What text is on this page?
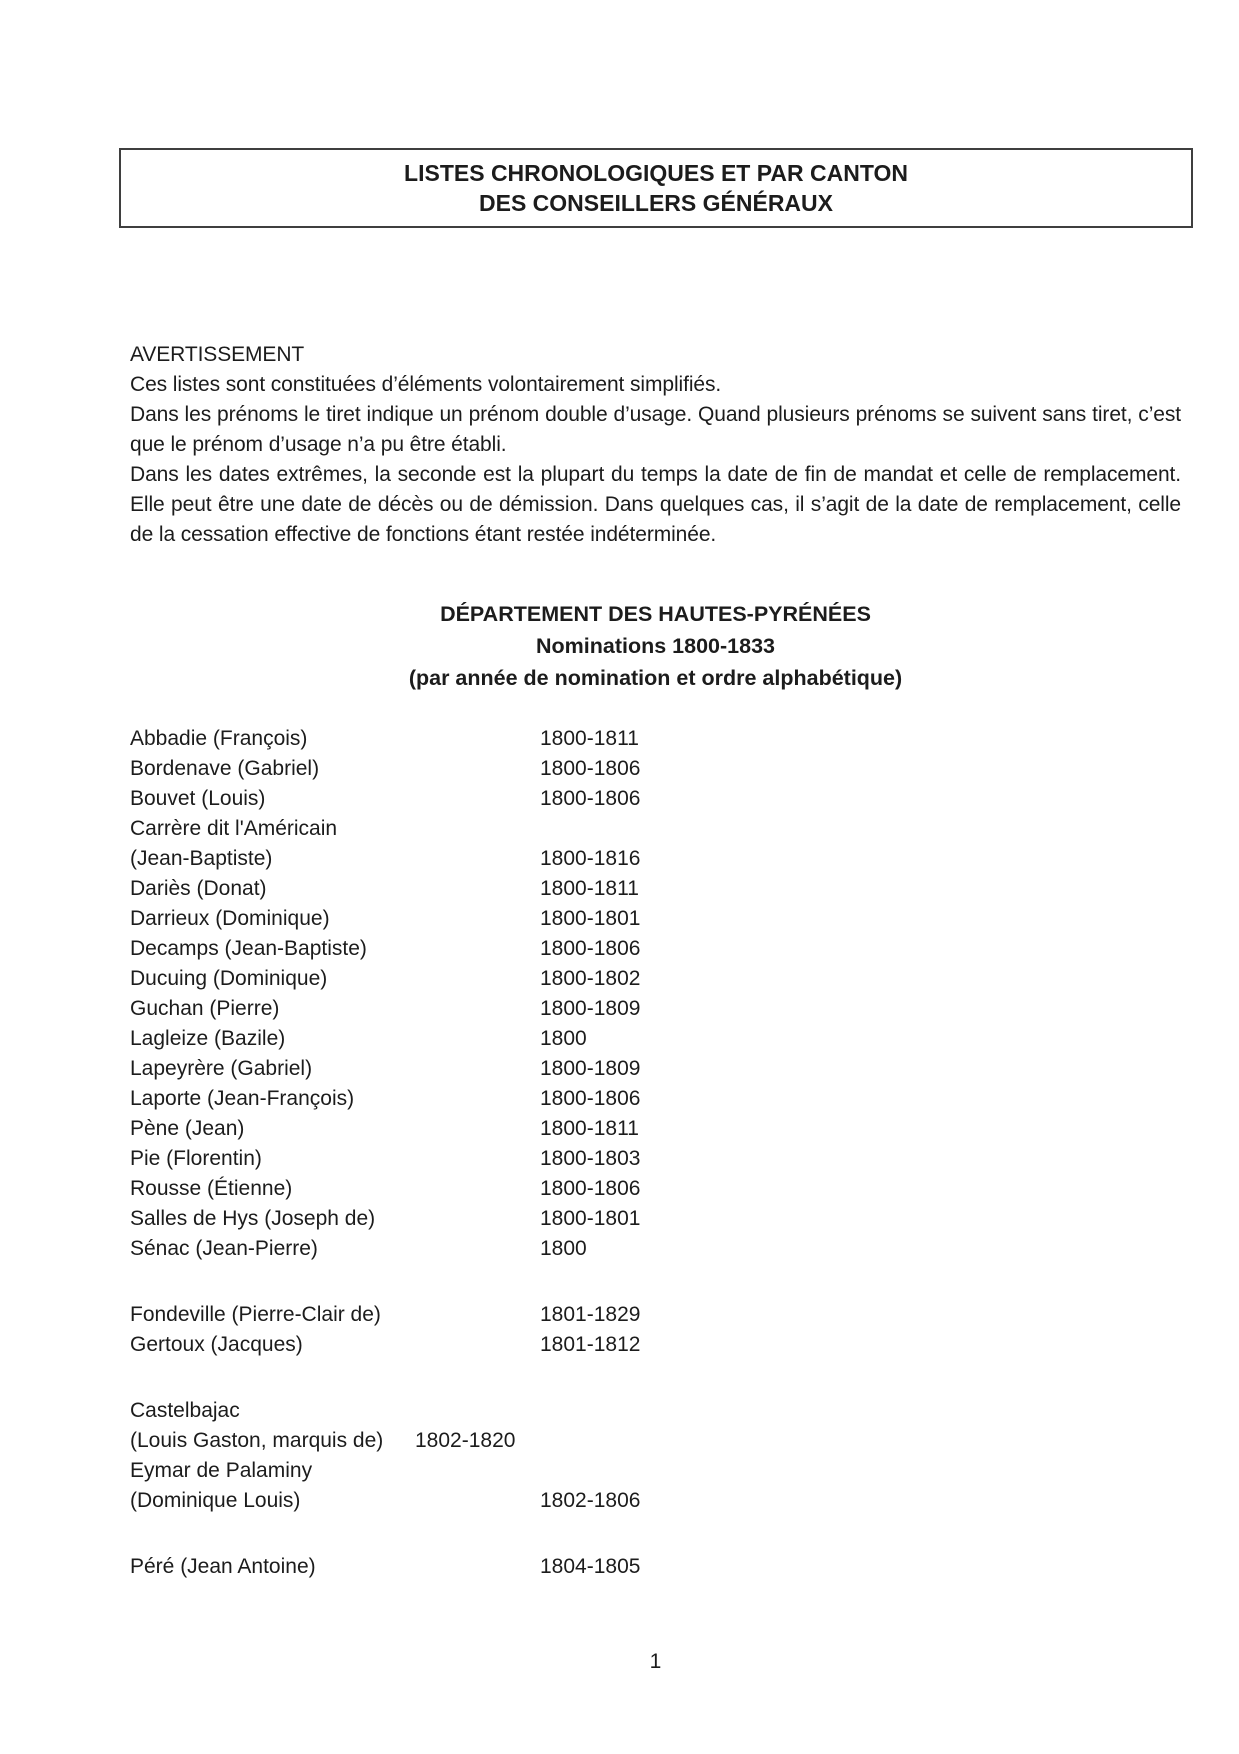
LISTES CHRONOLOGIQUES ET PAR CANTON
DES CONSEILLERS GÉNÉRAUX

AVERTISSEMENT

Ces listes sont constituées d’éléments volontairement simplifiés.

Dans les prénoms le tiret indique un prénom double d’usage. Quand plusieurs prénoms se suivent sans tiret, c’est que le prénom d’usage n’a pu être établi.

Dans les dates extrêmes, la seconde est la plupart du temps la date de fin de mandat et celle de remplacement. Elle peut être une date de décès ou de démission. Dans quelques cas, il s’agit de la date de remplacement, celle de la cessation effective de fonctions étant restée indéterminée.

DÉPARTEMENT DES HAUTES-PYRÉNÉES
Nominations 1800-1833
(par année de nomination et ordre alphabétique)
Abbadie (François)	1800-1811
Bordenave (Gabriel)	1800-1806
Bouvet (Louis)	1800-1806
Carrère dit l'Américain
(Jean-Baptiste)	1800-1816
Dariès (Donat)	1800-1811
Darrieux (Dominique)	1800-1801
Decamps (Jean-Baptiste)	1800-1806
Ducuing (Dominique)	1800-1802
Guchan (Pierre)	1800-1809
Lagleize (Bazile)	1800
Lapeyrère (Gabriel)	1800-1809
Laporte (Jean-François)	1800-1806
Pène (Jean)	1800-1811
Pie (Florentin)	1800-1803
Rousse (Étienne)	1800-1806
Salles de Hys (Joseph de)	1800-1801
Sénac (Jean-Pierre)	1800
Fondeville (Pierre-Clair de)	1801-1829
Gertoux (Jacques)	1801-1812
Castelbajac
(Louis Gaston, marquis de) 1802-1820
Eymar de Palaminy
(Dominique Louis)	1802-1806
Péré (Jean Antoine)	1804-1805
1
